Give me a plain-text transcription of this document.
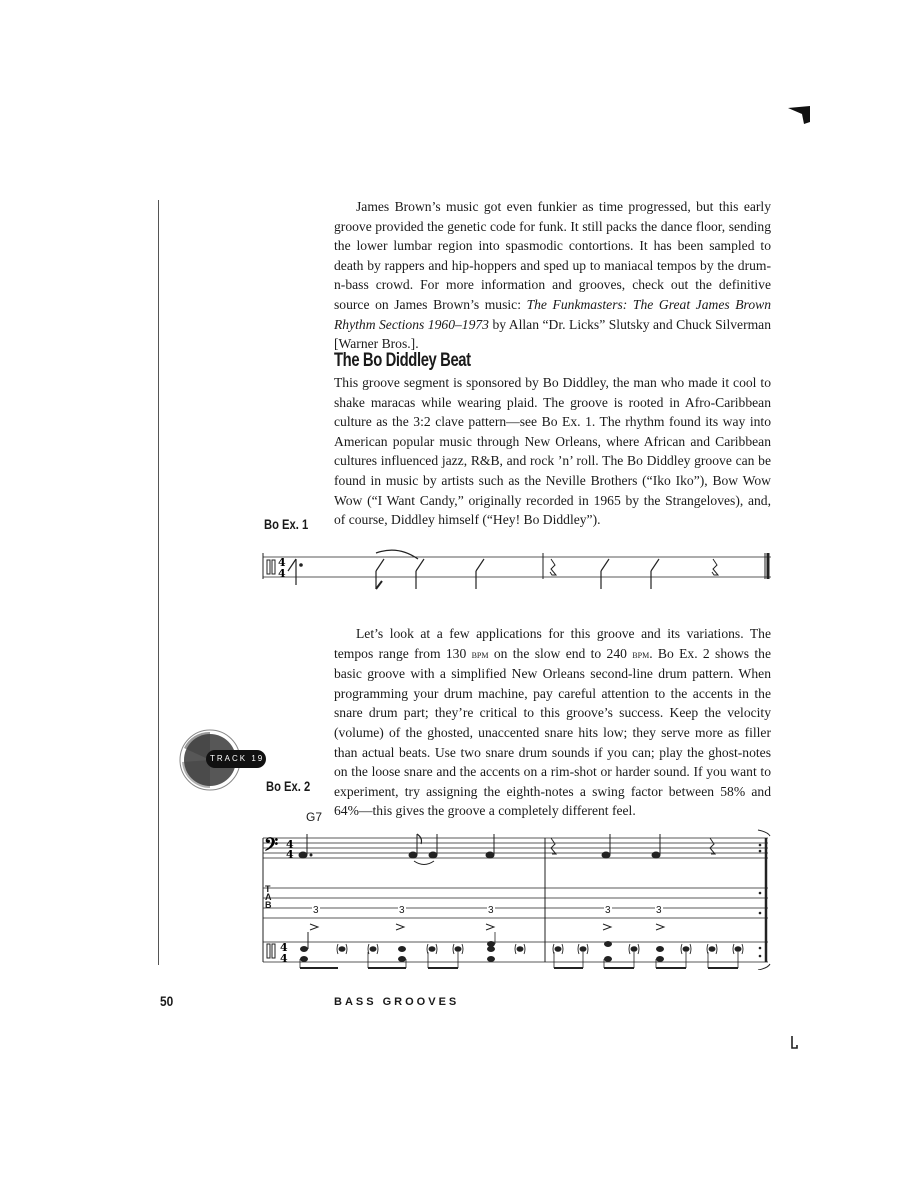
James Brown’s music got even funkier as time progressed, but this early groove provided the genetic code for funk. It still packs the dance floor, sending the lower lumbar region into spasmodic contortions. It has been sampled to death by rappers and hip-hoppers and sped up to maniacal tempos by the drum-n-bass crowd. For more information and grooves, check out the definitive source on James Brown’s music: The Funkmasters: The Great James Brown Rhythm Sections 1960–1973 by Allan “Dr. Licks” Slutsky and Chuck Silverman [Warner Bros.].
The Bo Diddley Beat
This groove segment is sponsored by Bo Diddley, the man who made it cool to shake maracas while wearing plaid. The groove is rooted in Afro-Caribbean culture as the 3:2 clave pattern—see Bo Ex. 1. The rhythm found its way into American popular music through New Orleans, where African and Caribbean cultures influenced jazz, R&B, and rock ’n’ roll. The Bo Diddley groove can be found in music by artists such as the Neville Brothers (“Iko Iko”), Bow Wow Wow (“I Want Candy,” originally recorded in 1965 by the Strangeloves), and, of course, Diddley himself (“Hey! Bo Diddley”).
Bo Ex. 1
4
4
Let’s look at a few applications for this groove and its variations. The tempos range from 130 bpm on the slow end to 240 bpm. Bo Ex. 2 shows the basic groove with a simplified New Orleans second-line drum pattern. When programming your drum machine, pay careful attention to the accents in the snare drum part; they’re critical to this groove’s success. Keep the velocity (volume) of the ghosted, unaccented snare hits low; they serve more as filler than actual beats. Use two snare drum sounds if you can; play the ghost-notes on the loose snare and the accents on a rim-shot or harder sound. If you want to experiment, try assigning the eighth-notes a swing factor between 58% and 64%—this gives the groove a completely different feel.
TRACK 19
Bo Ex. 2
G7
𝄢 4
4
4
4
T
A
B	3	3	3	3	3
50	BASS GROOVES
